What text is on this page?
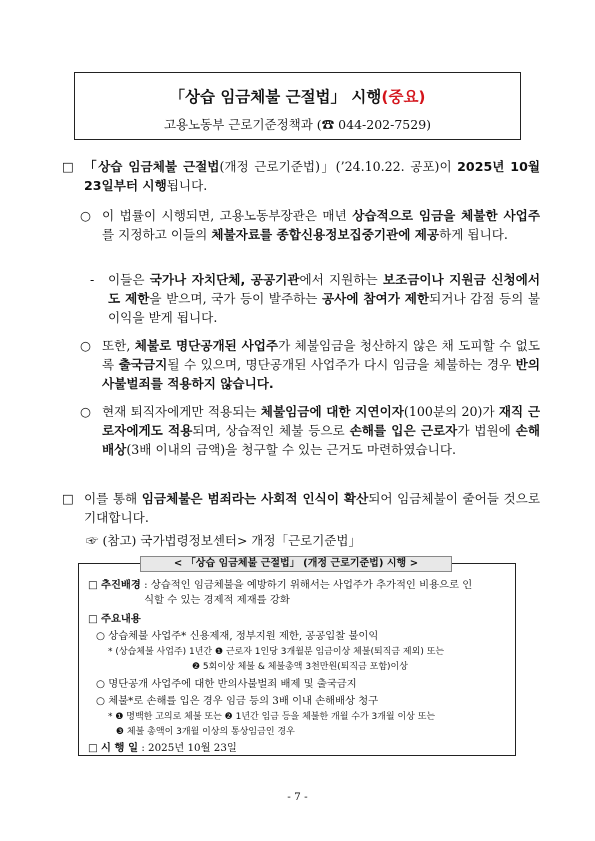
「상습 임금체불 근절법」 시행(중요)
고용노동부 근로기준정책과 (☎ 044-202-7529)
□ 「상습 임금체불 근절법(개정 근로기준법)」(’24.10.22. 공포)이 2025년 10월 23일부터 시행됩니다.
○ 이 법률이 시행되면, 고용노동부장관은 매년 상습적으로 임금을 체불한 사업주를 지정하고 이들의 체불자료를 종합신용정보집중기관에 제공하게 됩니다.
-	이들은 국가나 자치단체, 공공기관에서 지원하는 보조금이나 지원금 신청에서도 제한을 받으며, 국가 등이 발주하는 공사에 참여가 제한되거나 감점 등의 불이익을 받게 됩니다.
○ 또한, 체불로 명단공개된 사업주가 체불임금을 청산하지 않은 채 도피할 수 없도록 출국금지될 수 있으며, 명단공개된 사업주가 다시 임금을 체불하는 경우 반의사불벌죄를 적용하지 않습니다.
○ 현재 퇴직자에게만 적용되는 체불임금에 대한 지연이자(100분의 20)가 재직 근로자에게도 적용되며, 상습적인 체불 등으로 손해를 입은 근로자가 법원에 손해배상(3배 이내의 금액)을 청구할 수 있는 근거도 마련하였습니다.
□ 이를 통해 임금체불은 범죄라는 사회적 인식이 확산되어 임금체불이 줄어들 것으로 기대합니다.
☞ (참고) 국가법령정보센터> 개정「근로기준법」
< 「상습 임금체불 근절법」 (개정 근로기준법) 시행 >
□ 추진배경 : 상습적인 임금체불을 예방하기 위해서는 사업주가 추가적인 비용으로 인식할 수 있는 경제적 제재를 강화
□ 주요내용
○ 상습체불 사업주* 신용제재, 정부지원 제한, 공공입찰 불이익
* (상습체불 사업주) 1년간 ❶ 근로자 1인당 3개월분 임금이상 체불(퇴직금 제외) 또는
❷ 5회이상 체불 & 체불총액 3천만원(퇴직금 포함)이상
○ 명단공개 사업주에 대한 반의사불벌죄 배제 및 출국금지
○ 체불*로 손해를 입은 경우 임금 등의 3배 이내 손해배상 청구
* ❶ 명백한 고의로 체불 또는 ❷ 1년간 임금 등을 체불한 개월 수가 3개월 이상 또는
❸ 체불 총액이 3개월 이상의 통상임금인 경우
□ 시 행 일 : 2025년 10월 23일
- 7 -
